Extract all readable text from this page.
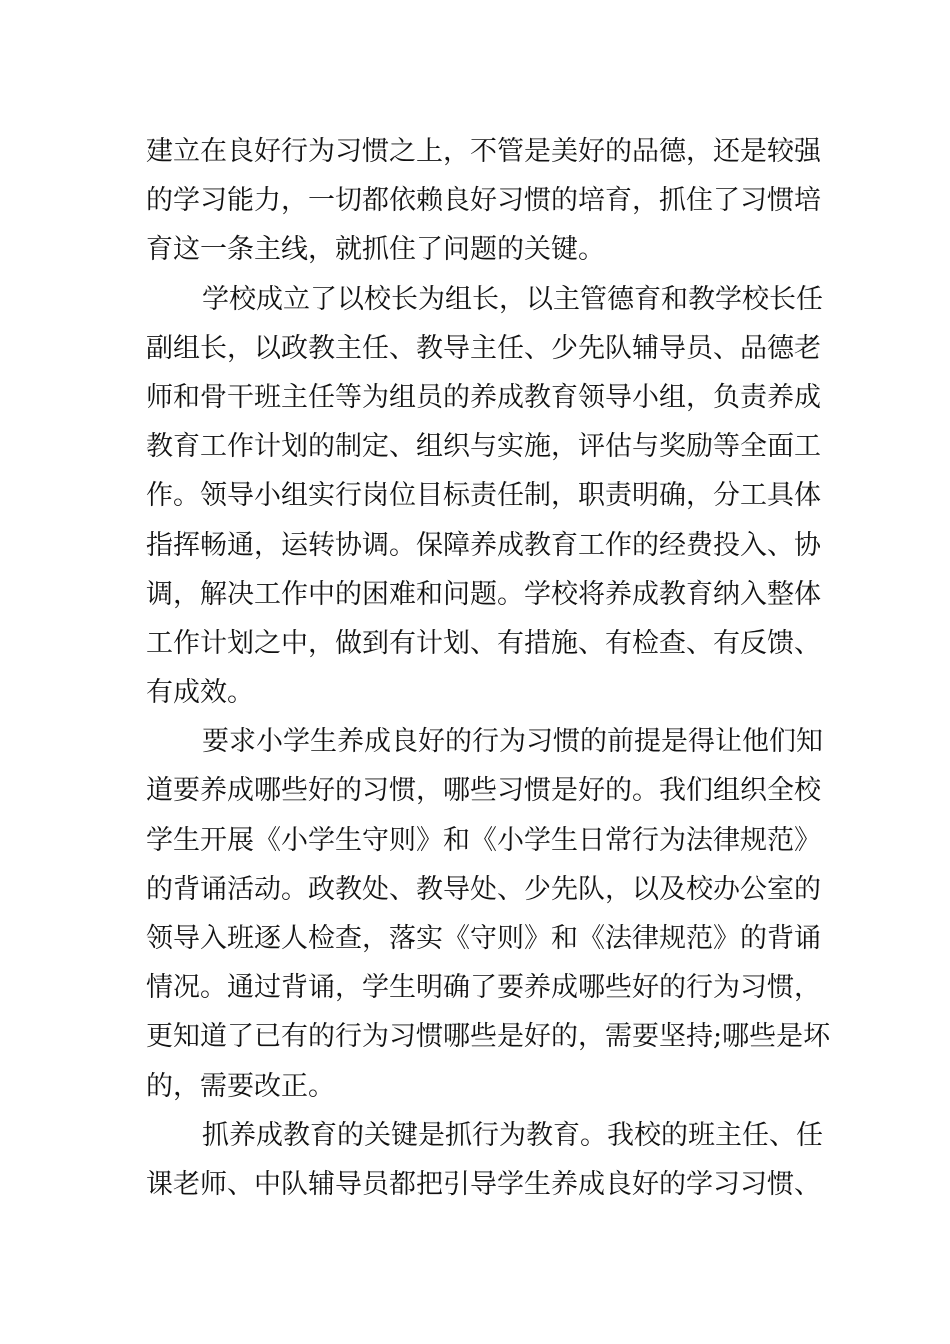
建立在良好行为习惯之上，不管是美好的品德，还是较强
的学习能力，一切都依赖良好习惯的培育，抓住了习惯培
育这一条主线，就抓住了问题的关键。
学校成立了以校长为组长，以主管德育和教学校长任
副组长，以政教主任、教导主任、少先队辅导员、品德老
师和骨干班主任等为组员的养成教育领导小组，负责养成
教育工作计划的制定、组织与实施，评估与奖励等全面工
作。领导小组实行岗位目标责任制，职责明确，分工具体
指挥畅通，运转协调。保障养成教育工作的经费投入、协
调，解决工作中的困难和问题。学校将养成教育纳入整体
工作计划之中，做到有计划、有措施、有检查、有反馈、
有成效。
要求小学生养成良好的行为习惯的前提是得让他们知
道要养成哪些好的习惯，哪些习惯是好的。我们组织全校
学生开展《小学生守则》和《小学生日常行为法律规范》
的背诵活动。政教处、教导处、少先队，以及校办公室的
领导入班逐人检查，落实《守则》和《法律规范》的背诵
情况。通过背诵，学生明确了要养成哪些好的行为习惯，
更知道了已有的行为习惯哪些是好的，需要坚持;哪些是坏
的，需要改正。
抓养成教育的关键是抓行为教育。我校的班主任、任
课老师、中队辅导员都把引导学生养成良好的学习习惯、
